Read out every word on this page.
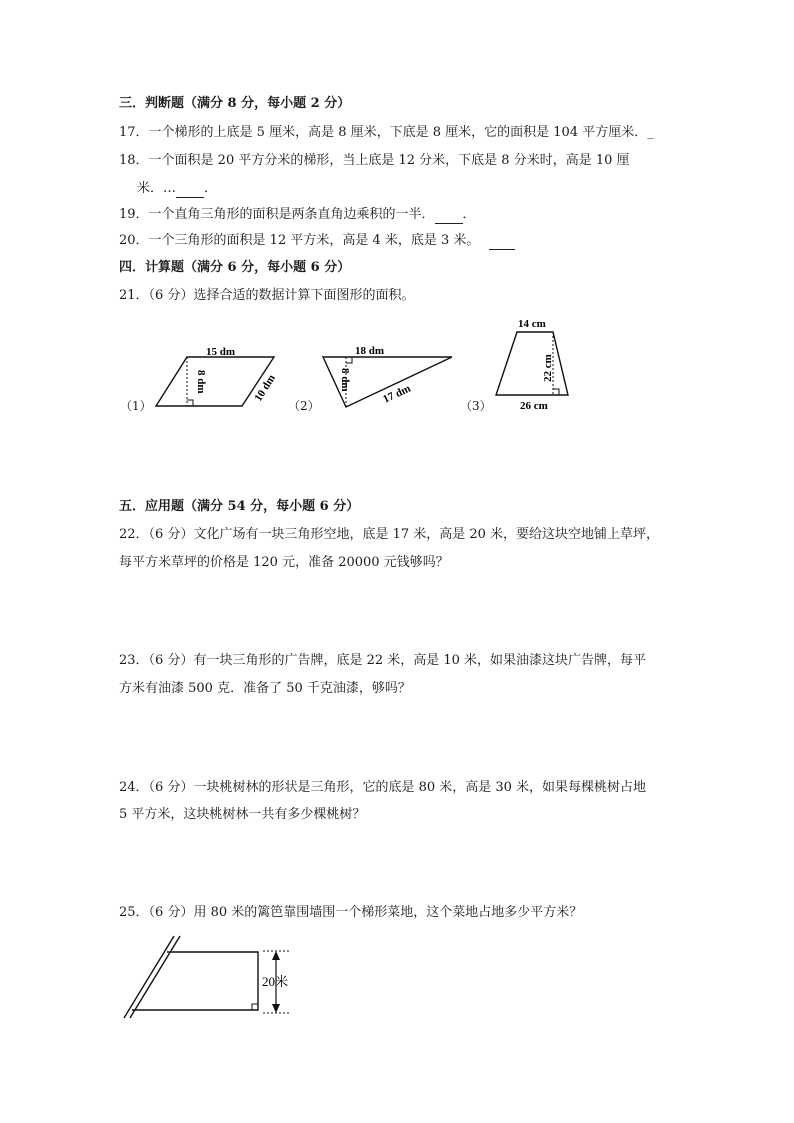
三．判断题（满分 8 分，每小题 2 分）
17．一个梯形的上底是 5 厘米，高是 8 厘米，下底是 8 厘米，它的面积是 104 平方厘米．_
18．一个面积是 20 平方分米的梯形，当上底是 12 分米，下底是 8 分米时，高是 10 厘
米．… ．
19．一个直角三角形的面积是两条直角边乘积的一半． ．
20．一个三角形的面积是 12 平方米，高是 4 米，底是 3 米。
四．计算题（满分 6 分，每小题 6 分）
21．（6 分）选择合适的数据计算下面图形的面积。
（1）	（2）	（3）
15 dm
8 dm	10 dm
18 dm
8 dm
17 dm
14 cm
22 cm
26 cm
五．应用题（满分 54 分，每小题 6 分）
22．（6 分）文化广场有一块三角形空地，底是 17 米，高是 20 米，要给这块空地铺上草坪，
每平方米草坪的价格是 120 元，准备 20000 元钱够吗？
23．（6 分）有一块三角形的广告牌，底是 22 米，高是 10 米，如果油漆这块广告牌，每平
方米有油漆 500 克．准备了 50 千克油漆，够吗？
24．（6 分）一块桃树林的形状是三角形，它的底是 80 米，高是 30 米，如果每棵桃树占地
5 平方米，这块桃树林一共有多少棵桃树？
25．（6 分）用 80 米的篱笆靠围墙围一个梯形菜地，这个菜地占地多少平方米？
20米
